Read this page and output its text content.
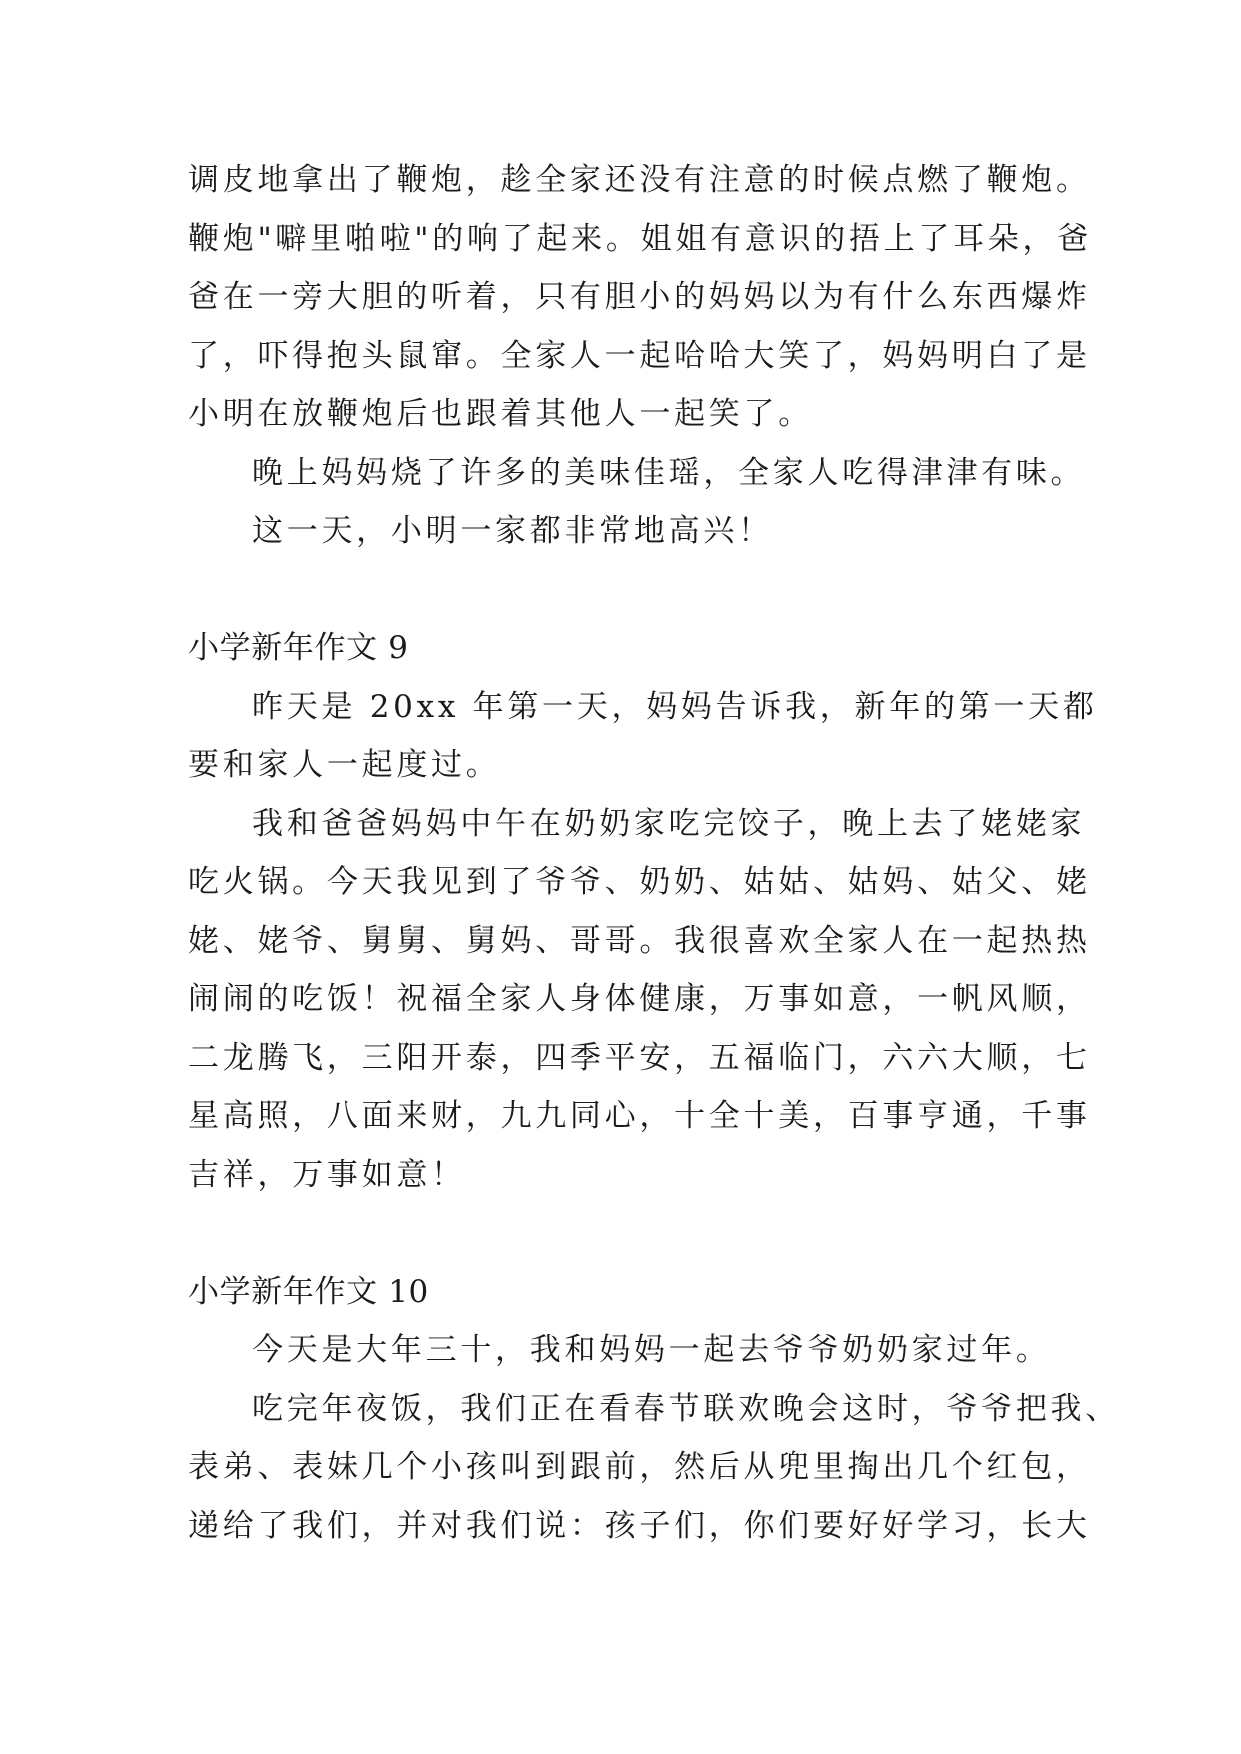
调皮地拿出了鞭炮，趁全家还没有注意的时候点燃了鞭炮。
鞭炮"噼里啪啦"的响了起来。姐姐有意识的捂上了耳朵，爸
爸在一旁大胆的听着，只有胆小的妈妈以为有什么东西爆炸
了，吓得抱头鼠窜。全家人一起哈哈大笑了，妈妈明白了是
小明在放鞭炮后也跟着其他人一起笑了。
晚上妈妈烧了许多的美味佳瑶，全家人吃得津津有味。
这一天，小明一家都非常地高兴！
小学新年作文 9
昨天是 20xx 年第一天，妈妈告诉我，新年的第一天都
要和家人一起度过。
我和爸爸妈妈中午在奶奶家吃完饺子，晚上去了姥姥家
吃火锅。今天我见到了爷爷、奶奶、姑姑、姑妈、姑父、姥
姥、姥爷、舅舅、舅妈、哥哥。我很喜欢全家人在一起热热
闹闹的吃饭！祝福全家人身体健康，万事如意，一帆风顺，
二龙腾飞，三阳开泰，四季平安，五福临门，六六大顺，七
星高照，八面来财，九九同心，十全十美，百事亨通，千事
吉祥，万事如意！
小学新年作文 10
今天是大年三十，我和妈妈一起去爷爷奶奶家过年。
吃完年夜饭，我们正在看春节联欢晚会这时，爷爷把我、
表弟、表妹几个小孩叫到跟前，然后从兜里掏出几个红包，
递给了我们，并对我们说：孩子们，你们要好好学习，长大
